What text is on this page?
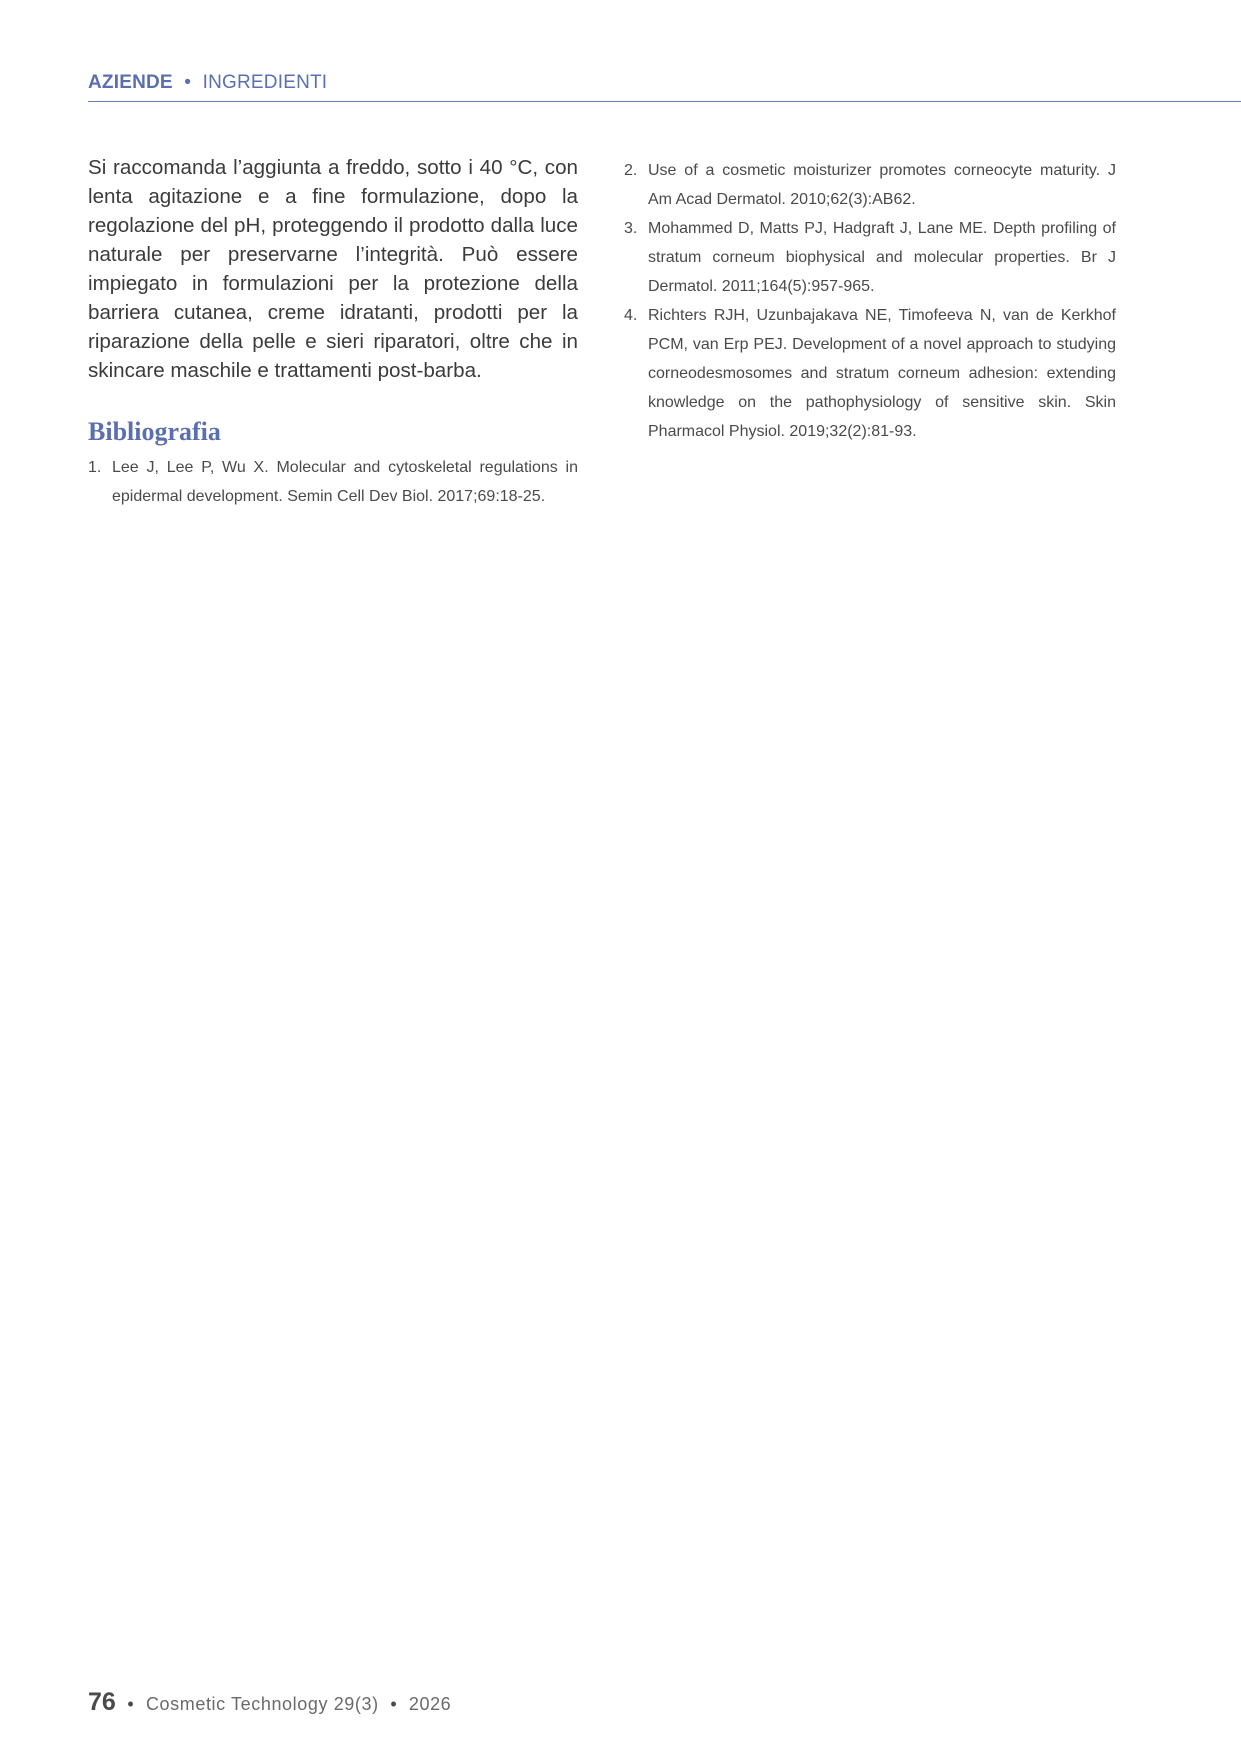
AZIENDE • INGREDIENTI

Si raccomanda l’aggiunta a freddo, sotto i 40 °C, con lenta agitazione e a fine formulazione, dopo la regolazione del pH, proteggendo il prodotto dalla luce naturale per preservarne l’integrità. Può essere impiegato in formulazioni per la protezione della barriera cutanea, creme idratanti, prodotti per la riparazione della pelle e sieri riparatori, oltre che in skincare maschile e trattamenti post-barba.

Bibliografia
1. Lee J, Lee P, Wu X. Molecular and cytoskeletal regulations in epidermal development. Semin Cell Dev Biol. 2017;69:18-25.
2. Use of a cosmetic moisturizer promotes corneocyte maturity. J Am Acad Dermatol. 2010;62(3):AB62.
3. Mohammed D, Matts PJ, Hadgraft J, Lane ME. Depth profiling of stratum corneum biophysical and molecular properties. Br J Dermatol. 2011;164(5):957-965.
4. Richters RJH, Uzunbajakava NE, Timofeeva N, van de Kerkhof PCM, van Erp PEJ. Development of a novel approach to studying corneodesmosomes and stratum corneum adhesion: extending knowledge on the pathophysiology of sensitive skin. Skin Pharmacol Physiol. 2019;32(2):81-93.
76 • Cosmetic Technology 29(3) • 2026
